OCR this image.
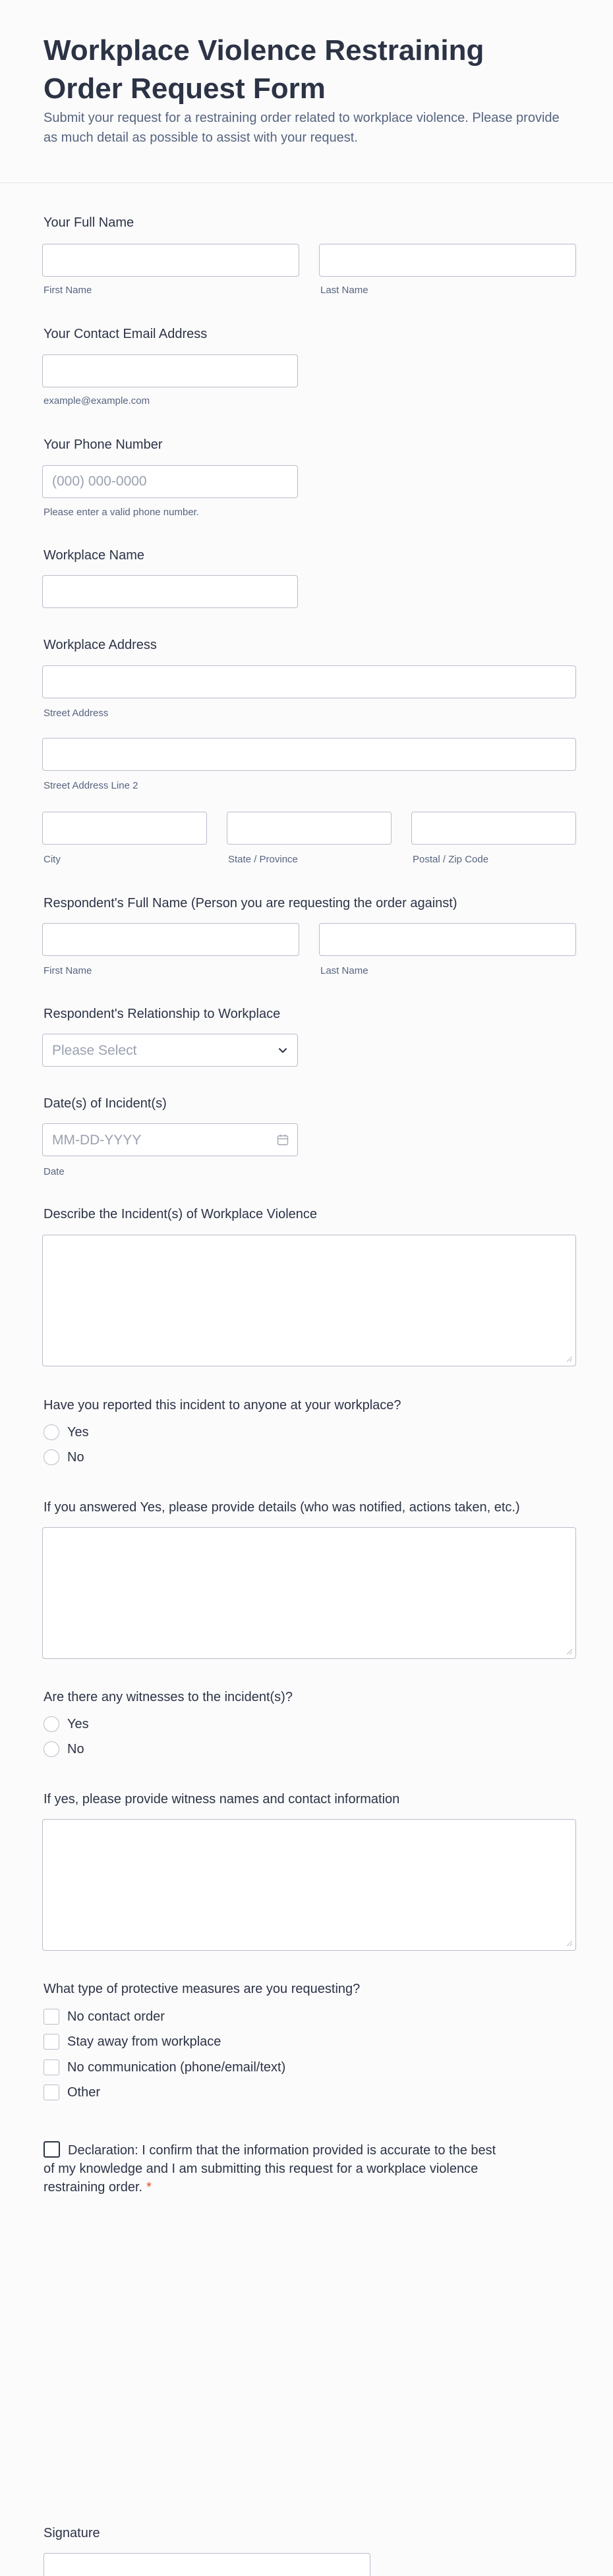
Workplace Violence Restraining Order Request Form
Submit your request for a restraining order related to workplace violence. Please provide as much detail as possible to assist with your request.
Your Full Name
First Name	Last Name
Your Contact Email Address
example@example.com
Your Phone Number
(000) 000-0000
Please enter a valid phone number.
Workplace Name
Workplace Address
Street Address
Street Address Line 2
City	State / Province	Postal / Zip Code
Respondent's Full Name (Person you are requesting the order against)
First Name	Last Name
Respondent's Relationship to Workplace
Please Select
Date(s) of Incident(s)
MM-DD-YYYY
Date
Describe the Incident(s) of Workplace Violence
Have you reported this incident to anyone at your workplace?
Yes
No
If you answered Yes, please provide details (who was notified, actions taken, etc.)
Are there any witnesses to the incident(s)?
Yes
No
If yes, please provide witness names and contact information
What type of protective measures are you requesting?
No contact order
Stay away from workplace
No communication (phone/email/text)
Other
Declaration: I confirm that the information provided is accurate to the best of my knowledge and I am submitting this request for a workplace violence restraining order. *
Signature
